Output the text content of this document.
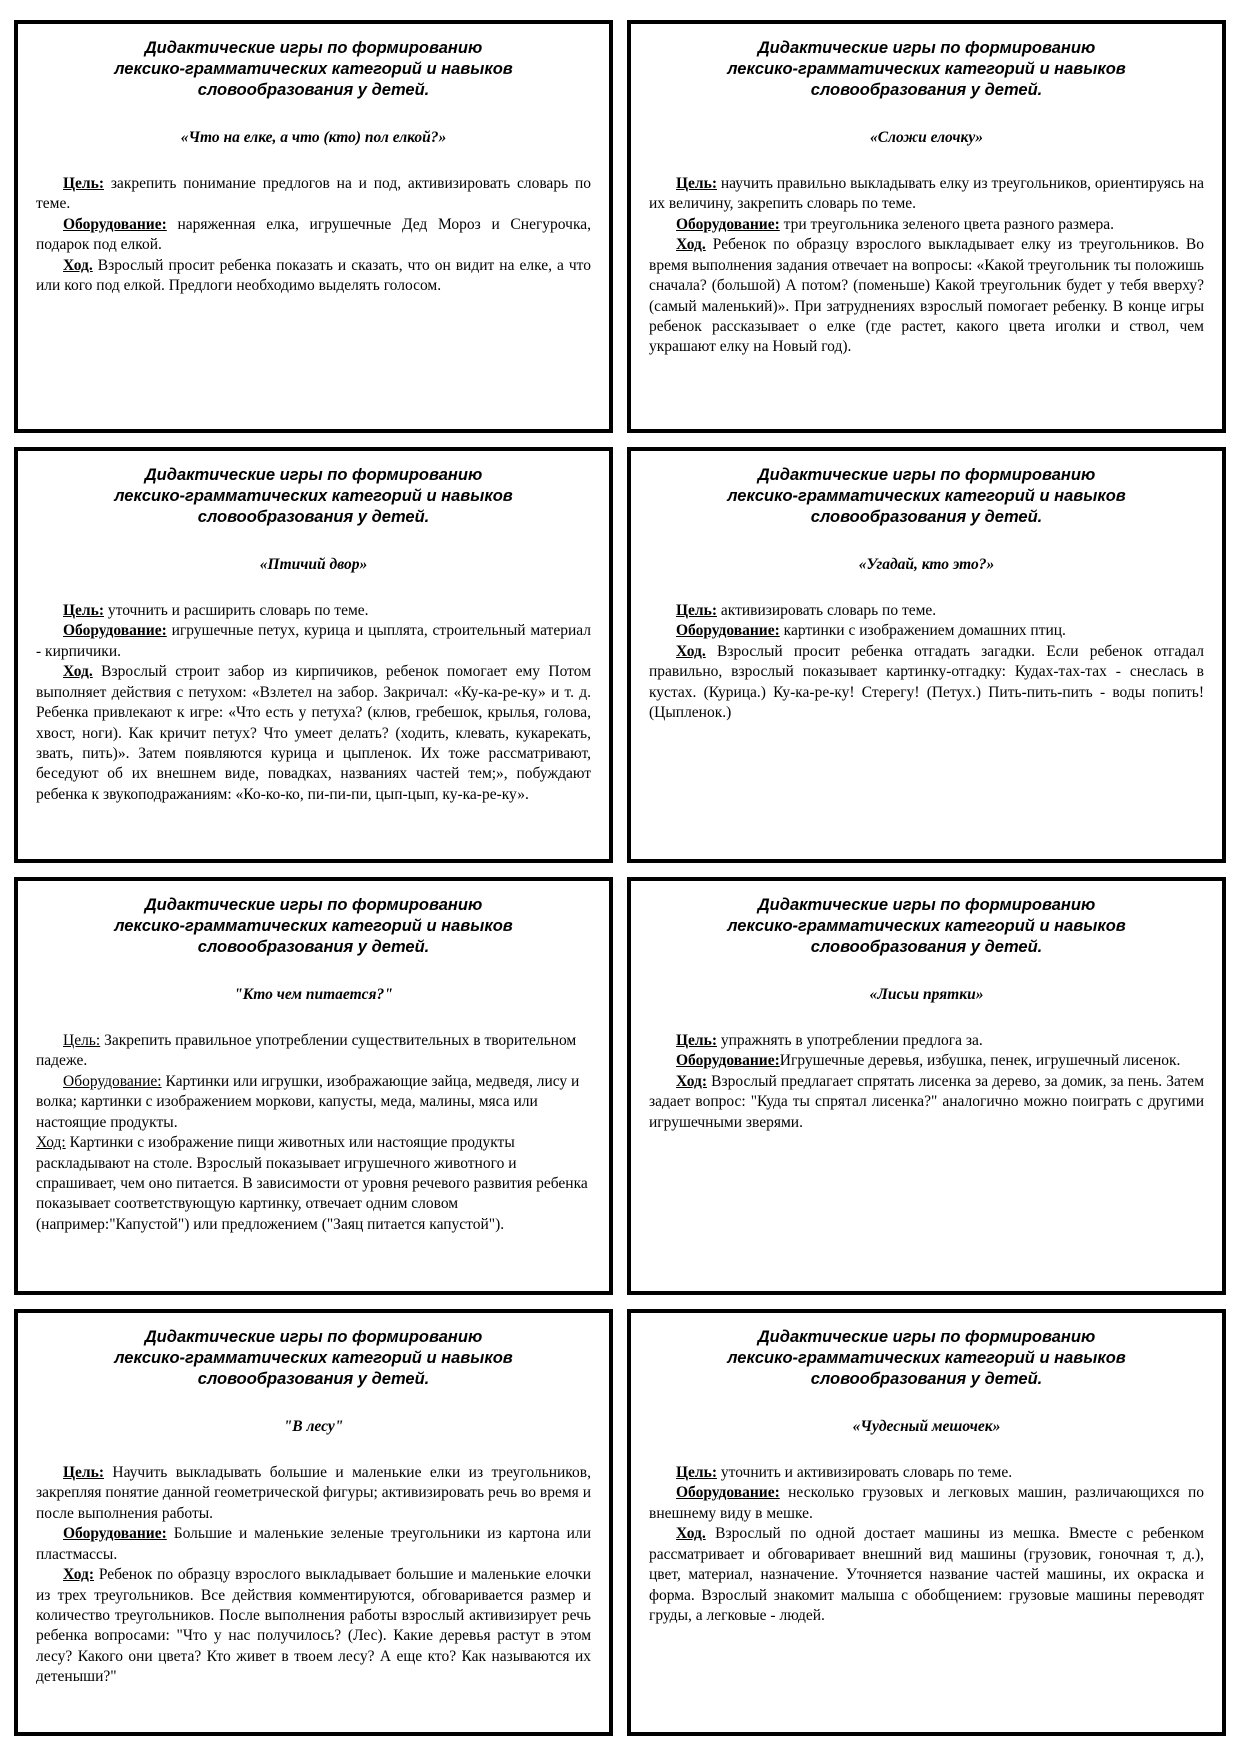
Дидактические игры по формированию
лексико-грамматических категорий и навыков
словообразования у детей.
«Что на елке, а что (кто) пол елкой?»

Цель: закрепить понимание предлогов на и под, активизировать словарь по теме.

Оборудование: наряженная елка, игрушечные Дед Мороз и Снегурочка, подарок под елкой.

Ход. Взрослый просит ребенка показать и сказать, что он видит на елке, а что или кого под елкой. Предлоги необходимо выделять голосом.

Дидактические игры по формированию
лексико-грамматических категорий и навыков
словообразования у детей.
«Сложи елочку»

Цель: научить правильно выкладывать елку из треугольников, ориентируясь на их величину, закрепить словарь по теме.

Оборудование: три треугольника зеленого цвета разного размера.

Ход. Ребенок по образцу взрослого выкладывает елку из треугольников. Во время выполнения задания отвечает на вопросы: «Какой треугольник ты положишь сначала? (большой) А потом? (поменьше) Какой треугольник будет у тебя вверху? (самый маленький)». При затруднениях взрослый помогает ребенку. В конце игры ребенок рассказывает о елке (где растет, какого цвета иголки и ствол, чем украшают елку на Новый год).

Дидактические игры по формированию
лексико-грамматических категорий и навыков
словообразования у детей.
«Птичий двор»

Цель: уточнить и расширить словарь по теме.

Оборудование: игрушечные петух, курица и цыплята, строительный материал - кирпичики.

Ход. Взрослый строит забор из кирпичиков, ребенок помогает ему Потом выполняет действия с петухом: «Взлетел на забор. Закричал: «Ку-ка-ре-ку» и т. д. Ребенка привлекают к игре: «Что есть у петуха? (клюв, гребешок, крылья, голова, хвост, ноги). Как кричит петух? Что умеет делать? (ходить, клевать, кукарекать, звать, пить)». Затем появляются курица и цыпленок. Их тоже рассматривают, беседуют об их внешнем виде, повадках, названиях частей тем;», побуждают ребенка к звукоподражаниям: «Ко-ко-ко, пи-пи-пи, цып-цып, ку-ка-ре-ку».

Дидактические игры по формированию
лексико-грамматических категорий и навыков
словообразования у детей.
«Угадай, кто это?»

Цель: активизировать словарь по теме.

Оборудование: картинки с изображением домашних птиц.

Ход. Взрослый просит ребенка отгадать загадки. Если ребенок отгадал правильно, взрослый показывает картинку-отгадку: Кудах-тах-тах - снеслась в кустах. (Курица.) Ку-ка-ре-ку! Стерегу! (Петух.) Пить-пить-пить - воды попить! (Цыпленок.)

Дидактические игры по формированию
лексико-грамматических категорий и навыков
словообразования у детей.
"Кто чем питается?"

Цель: Закрепить правильное употреблении существительных в творительном падеже.

Оборудование: Картинки или игрушки, изображающие зайца, медведя, лису и волка; картинки с изображением моркови, капусты, меда, малины, мяса или настоящие продукты.

Ход: Картинки с изображение пищи животных или настоящие продукты раскладывают на столе. Взрослый показывает игрушечного животного и спрашивает, чем оно питается. В зависимости от уровня речевого развития ребенка показывает соответствующую картинку, отвечает одним словом (например:"Капустой") или предложением ("Заяц питается капустой").

Дидактические игры по формированию
лексико-грамматических категорий и навыков
словообразования у детей.
«Лисьи прятки»

Цель: упражнять в употреблении предлога за.

Оборудование:Игрушечные деревья, избушка, пенек, игрушечный лисенок.

Ход: Взрослый предлагает спрятать лисенка за дерево, за домик, за пень. Затем задает вопрос: "Куда ты спрятал лисенка?" аналогично можно поиграть с другими игрушечными зверями.

Дидактические игры по формированию
лексико-грамматических категорий и навыков
словообразования у детей.
"В лесу"

Цель: Научить выкладывать большие и маленькие елки из треугольников, закрепляя понятие данной геометрической фигуры; активизировать речь во время и после выполнения работы.

Оборудование: Большие и маленькие зеленые треугольники из картона или пластмассы.

Ход: Ребенок по образцу взрослого выкладывает большие и маленькие елочки из трех треугольников. Все действия комментируются, обговаривается размер и количество треугольников. После выполнения работы взрослый активизирует речь ребенка вопросами: "Что у нас получилось? (Лес). Какие деревья растут в этом лесу? Какого они цвета? Кто живет в твоем лесу? А еще кто? Как называются их детеныши?"

Дидактические игры по формированию
лексико-грамматических категорий и навыков
словообразования у детей.
«Чудесный мешочек»

Цель: уточнить и активизировать словарь по теме.

Оборудование: несколько грузовых и легковых машин, различающихся по внешнему виду в мешке.

Ход. Взрослый по одной достает машины из мешка. Вместе с ребенком рассматривает и обговаривает внешний вид машины (грузовик, гоночная т, д.), цвет, материал, назначение. Уточняется название частей машины, их окраска и форма. Взрослый знакомит малыша с обобщением: грузовые машины переводят груды, а легковые - людей.
